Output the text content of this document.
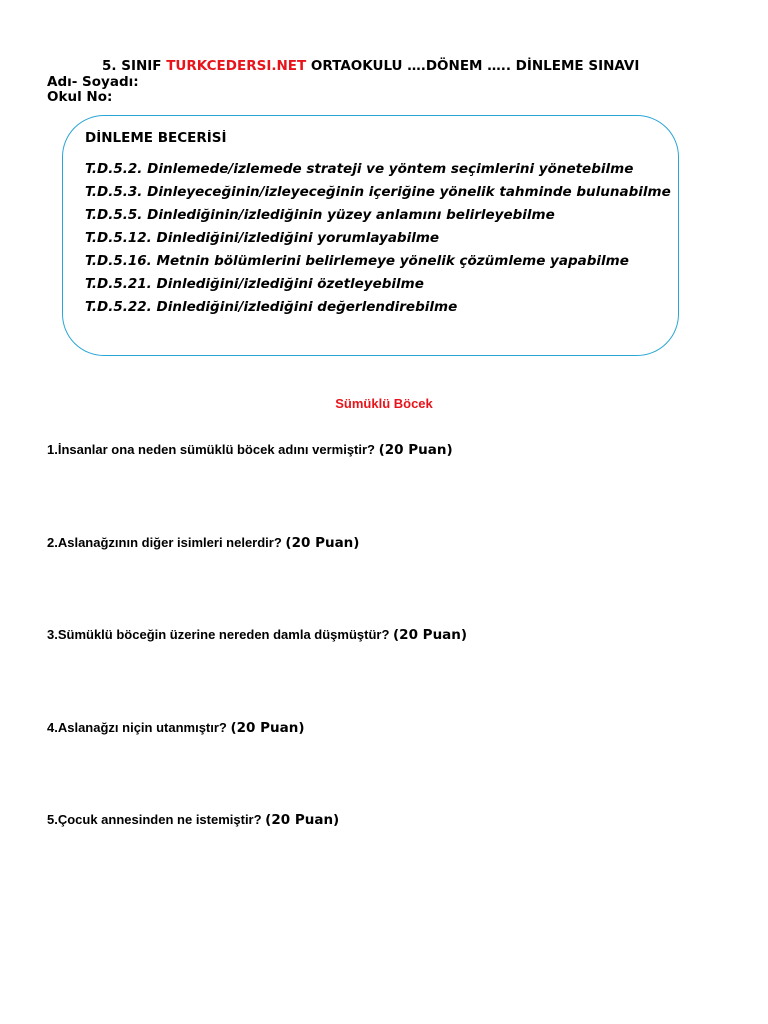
5. SINIF TURKCEDERSI.NET ORTAOKULU ….DÖNEM ….. DİNLEME SINAVI
Adı- Soyadı:
Okul No:
DİNLEME BECERİSİ
T.D.5.2. Dinlemede/izlemede strateji ve yöntem seçimlerini yönetebilme
T.D.5.3. Dinleyeceğinin/izleyeceğinin içeriğine yönelik tahminde bulunabilme
T.D.5.5. Dinlediğinin/izlediğinin yüzey anlamını belirleyebilme
T.D.5.12. Dinlediğini/izlediğini yorumlayabilme
T.D.5.16. Metnin bölümlerini belirlemeye yönelik çözümleme yapabilme
T.D.5.21. Dinlediğini/izlediğini özetleyebilme
T.D.5.22. Dinlediğini/izlediğini değerlendirebilme
Sümüklü Böcek
1.İnsanlar ona neden sümüklü böcek adını vermiştir? (20 Puan)
2.Aslanağzının diğer isimleri nelerdir? (20 Puan)
3.Sümüklü böceğin üzerine nereden damla düşmüştür? (20 Puan)
4.Aslanağzı niçin utanmıştır? (20 Puan)
5.Çocuk annesinden ne istemiştir? (20 Puan)
